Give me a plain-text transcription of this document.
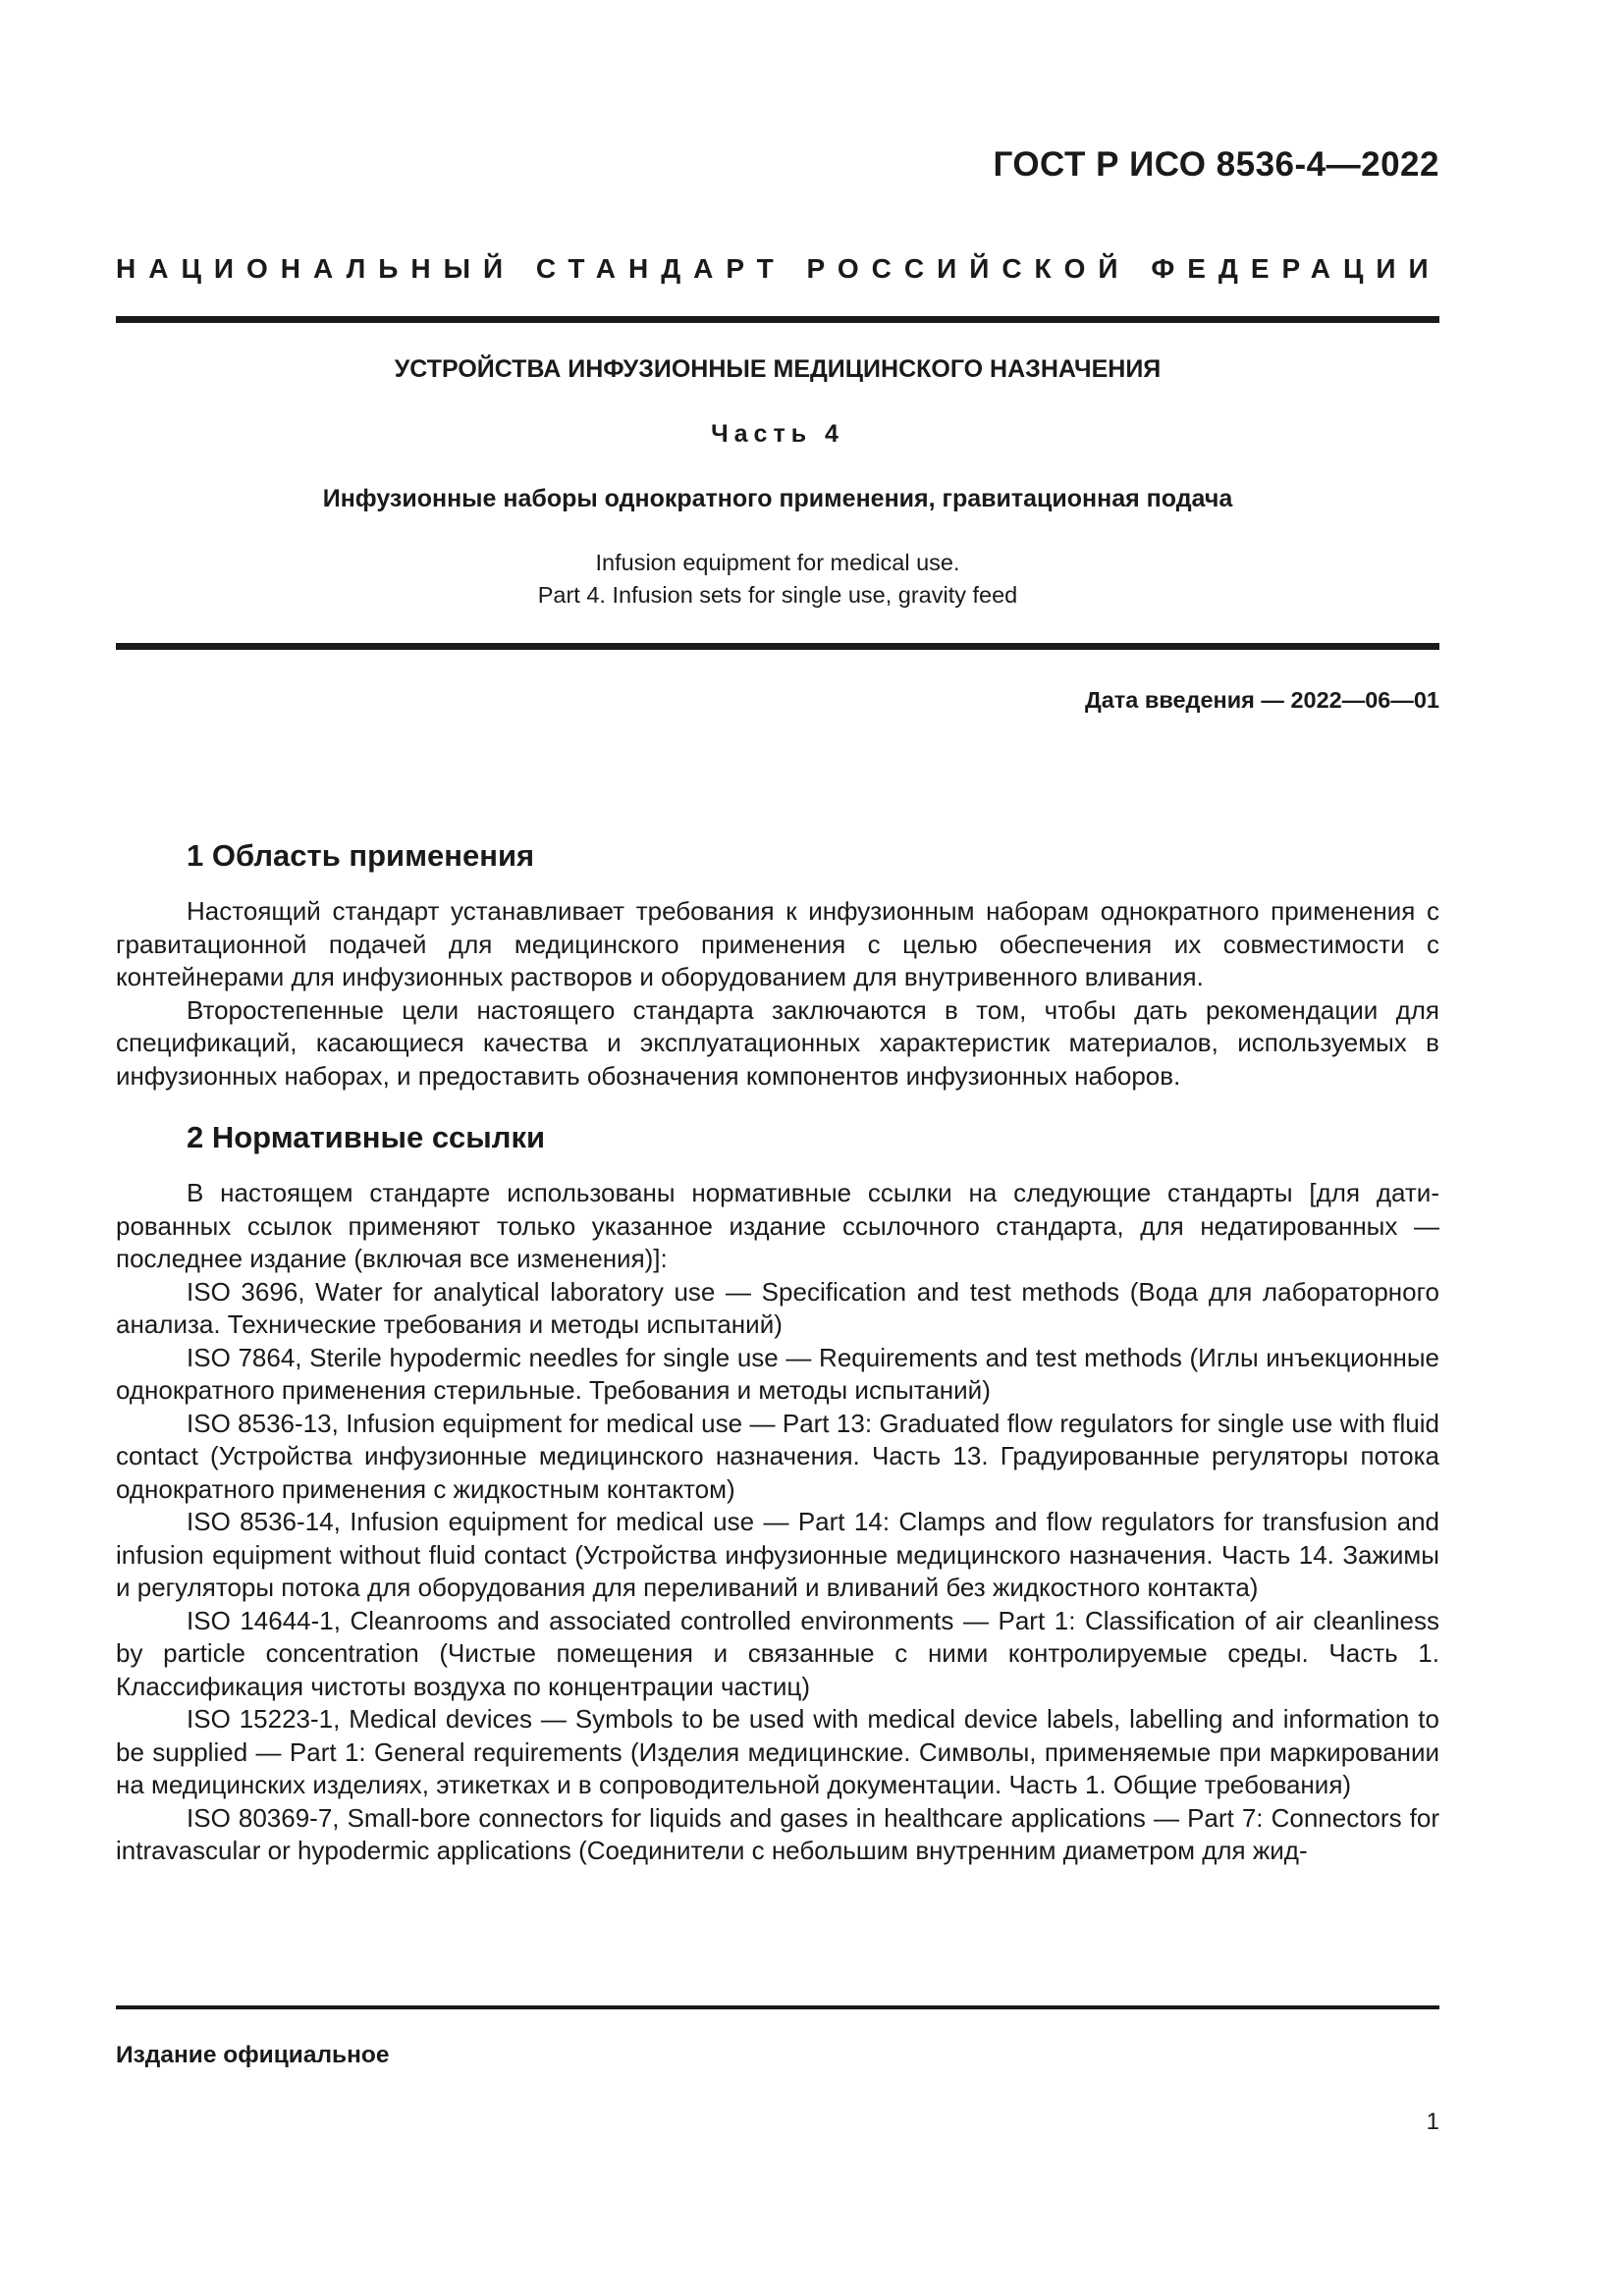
ГОСТ Р ИСО 8536-4—2022
НАЦИОНАЛЬНЫЙ СТАНДАРТ РОССИЙСКОЙ ФЕДЕРАЦИИ
УСТРОЙСТВА ИНФУЗИОННЫЕ МЕДИЦИНСКОГО НАЗНАЧЕНИЯ
Часть 4
Инфузионные наборы однократного применения, гравитационная подача
Infusion equipment for medical use.
Part 4. Infusion sets for single use, gravity feed
Дата введения — 2022—06—01
1 Область применения

Настоящий стандарт устанавливает требования к инфузионным наборам однократного применения с гравитационной подачей для медицинского применения с целью обеспечения их совместимости с контейнерами для инфузионных растворов и оборудованием для внутривенного вливания.

Второстепенные цели настоящего стандарта заключаются в том, чтобы дать рекомендации для спецификаций, касающиеся качества и эксплуатационных характеристик материалов, используемых в инфузионных наборах, и предоставить обозначения компонентов инфузионных наборов.

2 Нормативные ссылки

В настоящем стандарте использованы нормативные ссылки на следующие стандарты [для датированных ссылок применяют только указанное издание ссылочного стандарта, для недатированных — последнее издание (включая все изменения)]:

ISO 3696, Water for analytical laboratory use — Specification and test methods (Вода для лабораторного анализа. Технические требования и методы испытаний)

ISO 7864, Sterile hypodermic needles for single use — Requirements and test methods (Иглы инъекционные однократного применения стерильные. Требования и методы испытаний)

ISO 8536-13, Infusion equipment for medical use — Part 13: Graduated flow regulators for single use with fluid contact (Устройства инфузионные медицинского назначения. Часть 13. Градуированные регуляторы потока однократного применения с жидкостным контактом)

ISO 8536-14, Infusion equipment for medical use — Part 14: Clamps and flow regulators for transfusion and infusion equipment without fluid contact (Устройства инфузионные медицинского назначения. Часть 14. Зажимы и регуляторы потока для оборудования для переливаний и вливаний без жидкостного контакта)

ISO 14644-1, Cleanrooms and associated controlled environments — Part 1: Classification of air cleanliness by particle concentration (Чистые помещения и связанные с ними контролируемые среды. Часть 1. Классификация чистоты воздуха по концентрации частиц)

ISO 15223-1, Medical devices — Symbols to be used with medical device labels, labelling and information to be supplied — Part 1: General requirements (Изделия медицинские. Символы, применяемые при маркировании на медицинских изделиях, этикетках и в сопроводительной документации. Часть 1. Общие требования)

ISO 80369-7, Small-bore connectors for liquids and gases in healthcare applications — Part 7: Connectors for intravascular or hypodermic applications (Соединители с небольшим внутренним диаметром для жид-

Издание официальное
1
